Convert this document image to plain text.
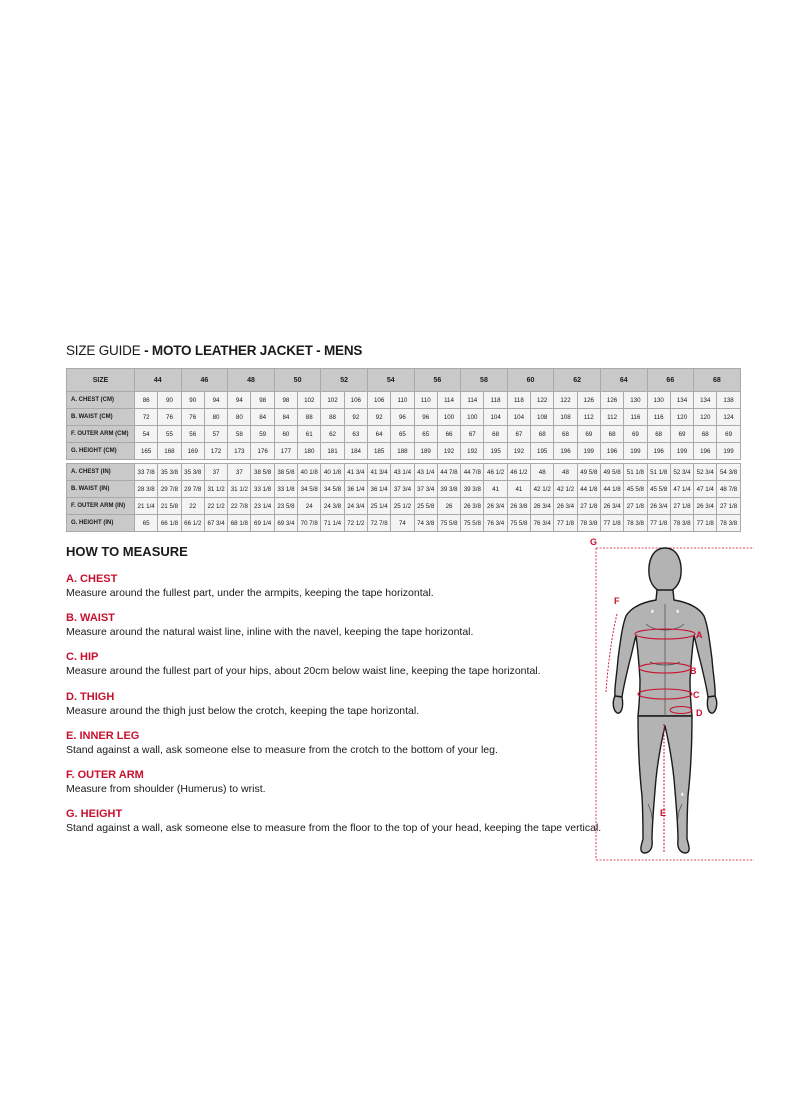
SIZE GUIDE - MOTO LEATHER JACKET - MENS
SIZE	44		46		48		50		52		54		56		58		60		62		64		66		68	
A. CHEST (CM)	86	90	90	94	94	98	98	102	102	106	106	110	110	114	114	118	118	122	122	126	126	130	130	134	134	138
B. WAIST (CM)	72	76	76	80	80	84	84	88	88	92	92	96	96	100	100	104	104	108	108	112	112	116	116	120	120	124
F. OUTER ARM (CM)	54	55	56	57	58	59	60	61	62	63	64	65	65	66	67	68	67	68	68	69	68	69	68	69	68	69
G. HEIGHT (CM)	165	168	169	172	173	176	177	180	181	184	185	188	189	192	192	195	192	195	196	199	196	199	196	199	196	199
A. CHEST (IN)	33 7/8	35 3/8	35 3/8	37	37	38 5/8	38 5/8	40 1/8	40 1/8	41 3/4	41 3/4	43 1/4	43 1/4	44 7/8	44 7/8	46 1/2	46 1/2	48	48	49 5/8	49 5/8	51 1/8	51 1/8	52 3/4	52 3/4	54 3/8
B. WAIST (IN)	28 3/8	29 7/8	29 7/8	31 1/2	31 1/2	33 1/8	33 1/8	34 5/8	34 5/8	36 1/4	36 1/4	37 3/4	37 3/4	39 3/8	39 3/8	41	41	42 1/2	42 1/2	44 1/8	44 1/8	45 5/8	45 5/8	47 1/4	47 1/4	48 7/8
F. OUTER ARM (IN)	21 1/4	21 5/8	22	22 1/2	22 7/8	23 1/4	23 5/8	24	24 3/8	24 3/4	25 1/4	25 1/2	25 5/8	26	26 3/8	26 3/4	26 3/8	26 3/4	26 3/4	27 1/8	26 3/4	27 1/8	26 3/4	27 1/8	26 3/4	27 1/8
G. HEIGHT (IN)	65	66 1/8	66 1/2	67 3/4	68 1/8	69 1/4	69 3/4	70 7/8	71 1/4	72 1/2	72 7/8	74	74 3/8	75 5/8	75 5/8	76 3/4	75 5/8	76 3/4	77 1/8	78 3/8	77 1/8	78 3/8	77 1/8	78 3/8	77 1/8	78 3/8
HOW TO MEASURE
A. CHEST
Measure around the fullest part, under the armpits, keeping the tape horizontal.
B. WAIST
Measure around the natural waist line, inline with the navel, keeping the tape horizontal.
C. HIP
Measure around the fullest part of your hips, about 20cm below waist line, keeping the tape horizontal.
D. THIGH
Measure around the thigh just below the crotch, keeping the tape horizontal.
E. INNER LEG
Stand against a wall, ask someone else to measure from the crotch to the bottom of your leg.
F. OUTER ARM
Measure from shoulder (Humerus) to wrist.
G. HEIGHT
Stand against a wall, ask someone else to measure from the floor to the top of your head, keeping the tape vertical.
G
F
A
B
C
D
E
